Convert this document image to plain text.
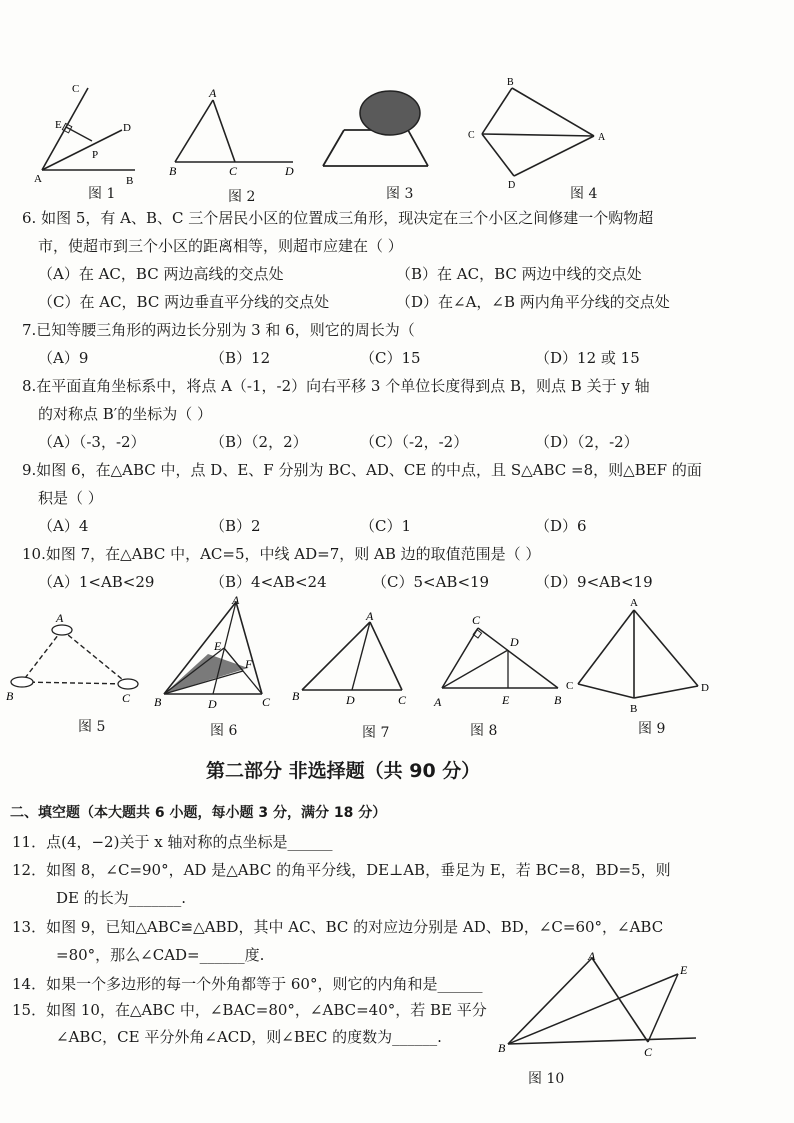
C
E	D
P
A	B
图 1
A
B	C	D
图 2	图 3
B
C	A
D
图 4
6. 如图 5，有 A、B、C 三个居民小区的位置成三角形，现决定在三个小区之间修建一个购物超
市，使超市到三个小区的距离相等，则超市应建在（ ）
（A）在 AC，BC 两边高线的交点处	（B）在 AC，BC 两边中线的交点处
（C）在 AC，BC 两边垂直平分线的交点处	（D）在∠A，∠B 两内角平分线的交点处
7.已知等腰三角形的两边长分别为 3 和 6，则它的周长为（
（A）9	（B）12	（C）15	（D）12 或 15
8.在平面直角坐标系中，将点 A（-1，-2）向右平移 3 个单位长度得到点 B，则点 B 关于 y 轴
的对称点 B′的坐标为（ ）
（A）（-3，-2）	（B）（2，2）	（C）（-2，-2）	（D）（2，-2）
9.如图 6，在△ABC 中，点 D、E、F 分别为 BC、AD、CE 的中点，且 S△ABC =8，则△BEF 的面
积是（ ）
（A）4	（B）2	（C）1	（D）6
10.如图 7，在△ABC 中，AC=5，中线 AD=7，则 AB 边的取值范围是（ ）
（A）1<AB<29	（B）4<AB<24	（C）5<AB<19	（D）9<AB<19
A
B	C
图 5
A
E
F
B	D	C
图 6
A
B	D	C
图 7
C
D
E
A	B
图 8
A
C	D
B
图 9
第二部分 非选择题（共 90 分）
二、填空题（本大题共 6 小题，每小题 3 分，满分 18 分）
11．点(4，−2)关于 x 轴对称的点坐标是______
12．如图 8，∠C=90°，AD 是△ABC 的角平分线，DE⊥AB，垂足为 E，若 BC=8，BD=5，则
DE 的长为_______.
13．如图 9，已知△ABC≌△ABD，其中 AC、BC 的对应边分别是 AD、BD，∠C=60°，∠ABC
=80°，那么∠CAD=______度.
14．如果一个多边形的每一个外角都等于 60°，则它的内角和是______
15．如图 10，在△ABC 中，∠BAC=80°，∠ABC=40°，若 BE 平分
∠ABC，CE 平分外角∠ACD，则∠BEC 的度数为______.
A
E
B	C
图 10
